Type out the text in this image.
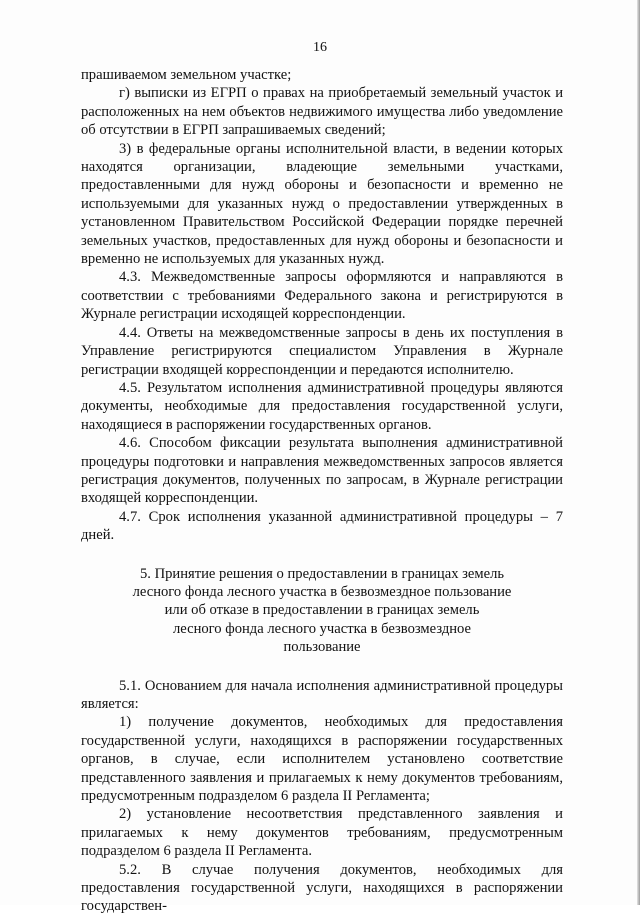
16

прашиваемом земельном участке;

г) выписки из ЕГРП о правах на приобретаемый земельный участок и расположенных на нем объектов недвижимого имущества либо уведомление об отсутствии в ЕГРП запрашиваемых сведений;

3) в федеральные органы исполнительной власти, в ведении которых находятся организации, владеющие земельными участками, предоставленными для нужд обороны и безопасности и временно не используемыми для указанных нужд о предоставлении утвержденных в установленном Правительством Российской Федерации порядке перечней земельных участков, предоставленных для нужд обороны и безопасности и временно не используемых для указанных нужд.

4.3. Межведомственные запросы оформляются и направляются в соответствии с требованиями Федерального закона и регистрируются в Журнале регистрации исходящей корреспонденции.

4.4. Ответы на межведомственные запросы в день их поступления в Управление регистрируются специалистом Управления в Журнале регистрации входящей корреспонденции и передаются исполнителю.

4.5. Результатом исполнения административной процедуры являются документы, необходимые для предоставления государственной услуги, находящиеся в распоряжении государственных органов.

4.6. Способом фиксации результата выполнения административной процедуры подготовки и направления межведомственных запросов является регистрация документов, полученных по запросам, в Журнале регистрации входящей корреспонденции.

4.7. Срок исполнения указанной административной процедуры – 7 дней.

5. Принятие решения о предоставлении в границах земель
лесного фонда лесного участка в безвозмездное пользование
или об отказе в предоставлении в границах земель
лесного фонда лесного участка в безвозмездное
пользование

5.1. Основанием для начала исполнения административной процедуры является:

1) получение документов, необходимых для предоставления государственной услуги, находящихся в распоряжении государственных органов, в случае, если исполнителем установлено соответствие представленного заявления и прилагаемых к нему документов требованиям, предусмотренным подразделом 6 раздела II Регламента;

2) установление несоответствия представленного заявления и прилагаемых к нему документов требованиям, предусмотренным подразделом 6 раздела II Регламента.

5.2. В случае получения документов, необходимых для предоставления государственной услуги, находящихся в распоряжении государствен-
